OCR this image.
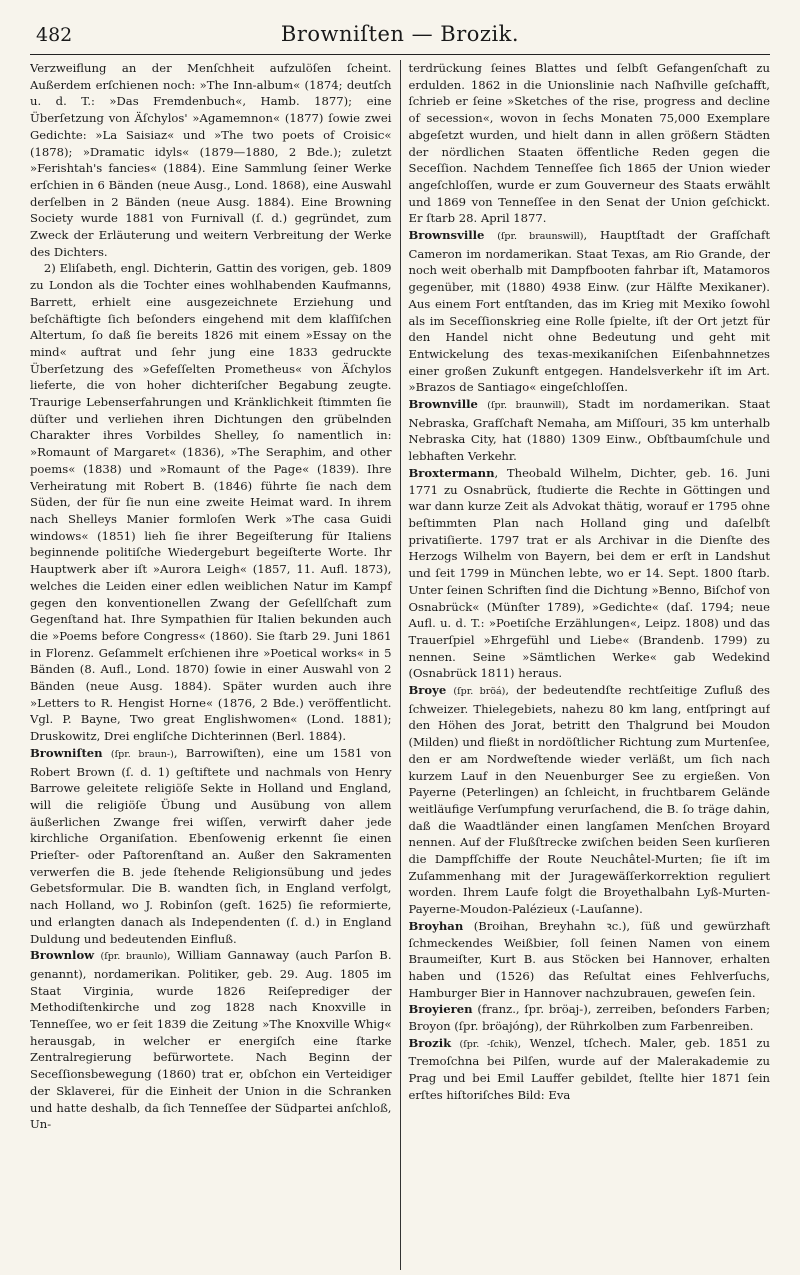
482	Browniſten — Brozik.

Verzweiflung an der Menſchheit aufzulöſen ſcheint. Außerdem erſchienen noch: »The Inn-album« (1874; deutſch u. d. T.: »Das Fremdenbuch«, Hamb. 1877); eine Überſetzung von Äſchylos' »Agamemnon« (1877) ſowie zwei Gedichte: »La Saisiaz« und »The two poets of Croisic« (1878); »Dramatic idyls« (1879—1880, 2 Bde.); zuletzt »Ferishtah's fancies« (1884). Eine Sammlung ſeiner Werke erſchien in 6 Bänden (neue Ausg., Lond. 1868), eine Auswahl derſelben in 2 Bänden (neue Ausg. 1884). Eine Browning Society wurde 1881 von Furnivall (ſ. d.) gegründet, zum Zweck der Erläuterung und weitern Verbreitung der Werke des Dichters.

2) Eliſabeth, engl. Dichterin, Gattin des vorigen, geb. 1809 zu London als die Tochter eines wohlhabenden Kaufmanns, Barrett, erhielt eine ausgezeichnete Erziehung und beſchäftigte ſich beſonders eingehend mit dem klaſſiſchen Altertum, ſo daß ſie bereits 1826 mit einem »Essay on the mind« auftrat und ſehr jung eine 1833 gedruckte Überſetzung des »Gefeſſelten Prometheus« von Äſchylos lieferte, die von hoher dichteriſcher Begabung zeugte. Traurige Lebenserfahrungen und Kränklichkeit ſtimmten ſie düſter und verliehen ihren Dichtungen den grübelnden Charakter ihres Vorbildes Shelley, ſo namentlich in: »Romaunt of Margaret« (1836), »The Seraphim, and other poems« (1838) und »Romaunt of the Page« (1839). Ihre Verheiratung mit Robert B. (1846) führte ſie nach dem Süden, der für ſie nun eine zweite Heimat ward. In ihrem nach Shelleys Manier formloſen Werk »The casa Guidi windows« (1851) lieh ſie ihrer Begeiſterung für Italiens beginnende politiſche Wiedergeburt begeiſterte Worte. Ihr Hauptwerk aber iſt »Aurora Leigh« (1857, 11. Aufl. 1873), welches die Leiden einer edlen weiblichen Natur im Kampf gegen den konventionellen Zwang der Geſellſchaft zum Gegenſtand hat. Ihre Sympathien für Italien bekunden auch die »Poems before Congress« (1860). Sie ſtarb 29. Juni 1861 in Florenz. Geſammelt erſchienen ihre »Poetical works« in 5 Bänden (8. Aufl., Lond. 1870) ſowie in einer Auswahl von 2 Bänden (neue Ausg. 1884). Später wurden auch ihre »Letters to R. Hengist Horne« (1876, 2 Bde.) veröffentlicht. Vgl. P. Bayne, Two great Englishwomen« (Lond. 1881); Druskowitz, Drei engliſche Dichterinnen (Berl. 1884).

Browniſten (ſpr. braun-), Barrowiſten), eine um 1581 von Robert Brown (ſ. d. 1) geſtiftete und nachmals von Henry Barrowe geleitete religiöſe Sekte in Holland und England, will die religiöſe Übung und Ausübung von allem äußerlichen Zwange frei wiſſen, verwirft daher jede kirchliche Organiſation. Ebenſowenig erkennt ſie einen Prieſter- oder Paſtorenſtand an. Außer den Sakramenten verwerfen die B. jede ſtehende Religionsübung und jedes Gebetsformular. Die B. wandten ſich, in England verfolgt, nach Holland, wo J. Robinſon (geſt. 1625) ſie reformierte, und erlangten danach als Independenten (ſ. d.) in England Duldung und bedeutenden Einfluß.

Brownlow (ſpr. braunlo), William Gannaway (auch Parſon B. genannt), nordamerikan. Politiker, geb. 29. Aug. 1805 im Staat Virginia, wurde 1826 Reiſeprediger der Methodiſtenkirche und zog 1828 nach Knoxville in Tenneſſee, wo er ſeit 1839 die Zeitung »The Knoxville Whig« herausgab, in welcher er energiſch eine ſtarke Zentralregierung befürwortete. Nach Beginn der Seceſſionsbewegung (1860) trat er, obſchon ein Verteidiger der Sklaverei, für die Einheit der Union in die Schranken und hatte deshalb, da ſich Tenneſſee der Südpartei anſchloß, Un-

terdrückung ſeines Blattes und ſelbſt Gefangenſchaft zu erdulden. 1862 in die Unionslinie nach Naſhville geſchafft, ſchrieb er ſeine »Sketches of the rise, progress and decline of secession«, wovon in ſechs Monaten 75,000 Exemplare abgeſetzt wurden, und hielt dann in allen größern Städten der nördlichen Staaten öffentliche Reden gegen die Seceſſion. Nachdem Tenneſſee ſich 1865 der Union wieder angeſchloſſen, wurde er zum Gouverneur des Staats erwählt und 1869 von Tenneſſee in den Senat der Union geſchickt. Er ſtarb 28. April 1877.

Brownsville (ſpr. braunswill), Hauptſtadt der Grafſchaft Cameron im nordamerikan. Staat Texas, am Rio Grande, der noch weit oberhalb mit Dampfbooten fahrbar iſt, Matamoros gegenüber, mit (1880) 4938 Einw. (zur Hälfte Mexikaner). Aus einem Fort entſtanden, das im Krieg mit Mexiko ſowohl als im Seceſſionskrieg eine Rolle ſpielte, iſt der Ort jetzt für den Handel nicht ohne Bedeutung und geht mit Entwickelung des texas-mexikaniſchen Eiſenbahnnetzes einer großen Zukunft entgegen. Handelsverkehr iſt im Art. »Brazos de Santiago« eingeſchloſſen.

Brownville (ſpr. braunwill), Stadt im nordamerikan. Staat Nebraska, Grafſchaft Nemaha, am Miſſouri, 35 km unterhalb Nebraska City, hat (1880) 1309 Einw., Obſtbaumſchule und lebhaften Verkehr.

Broxtermann, Theobald Wilhelm, Dichter, geb. 16. Juni 1771 zu Osnabrück, ſtudierte die Rechte in Göttingen und war dann kurze Zeit als Advokat thätig, worauf er 1795 ohne beſtimmten Plan nach Holland ging und daſelbſt privatiſierte. 1797 trat er als Archivar in die Dienſte des Herzogs Wilhelm von Bayern, bei dem er erſt in Landshut und ſeit 1799 in München lebte, wo er 14. Sept. 1800 ſtarb. Unter ſeinen Schriften ſind die Dichtung »Benno, Biſchof von Osnabrück« (Münſter 1789), »Gedichte« (daſ. 1794; neue Aufl. u. d. T.: »Poetiſche Erzählungen«, Leipz. 1808) und das Trauerſpiel »Ehrgefühl und Liebe« (Brandenb. 1799) zu nennen. Seine »Sämtlichen Werke« gab Wedekind (Osnabrück 1811) heraus.

Broye (ſpr. bröá), der bedeutendſte rechtſeitige Zufluß des ſchweizer. Thielegebiets, nahezu 80 km lang, entſpringt auf den Höhen des Jorat, betritt den Thalgrund bei Moudon (Milden) und fließt in nordöſtlicher Richtung zum Murtenſee, den er am Nordweſtende wieder verläßt, um ſich nach kurzem Lauf in den Neuenburger See zu ergießen. Von Payerne (Peterlingen) an ſchleicht, in fruchtbarem Gelände weitläufige Verſumpfung verurſachend, die B. ſo träge dahin, daß die Waadtländer einen langſamen Menſchen Broyard nennen. Auf der Flußſtrecke zwiſchen beiden Seen kurſieren die Dampfſchiffe der Route Neuchâtel-Murten; ſie iſt im Zuſammenhang mit der Juragewäſſerkorrektion reguliert worden. Ihrem Laufe folgt die Broyethalbahn Lyß-Murten-Payerne-Moudon-Palézieux (-Lauſanne).

Broyhan (Broihan, Breyhahn ꝛc.), ſüß und gewürzhaft ſchmeckendes Weißbier, ſoll ſeinen Namen von einem Braumeiſter, Kurt B. aus Stöcken bei Hannover, erhalten haben und (1526) das Reſultat eines Fehlverſuchs, Hamburger Bier in Hannover nachzubrauen, geweſen ſein.

Broyieren (franz., ſpr. bröaj-), zerreiben, beſonders Farben; Broyon (ſpr. bröajóng), der Rührkolben zum Farbenreiben.

Brozik (ſpr. -ſchik), Wenzel, tſchech. Maler, geb. 1851 zu Tremoſchna bei Pilſen, wurde auf der Malerakademie zu Prag und bei Emil Lauffer gebildet, ſtellte hier 1871 ſein erſtes hiſtoriſches Bild: Eva
